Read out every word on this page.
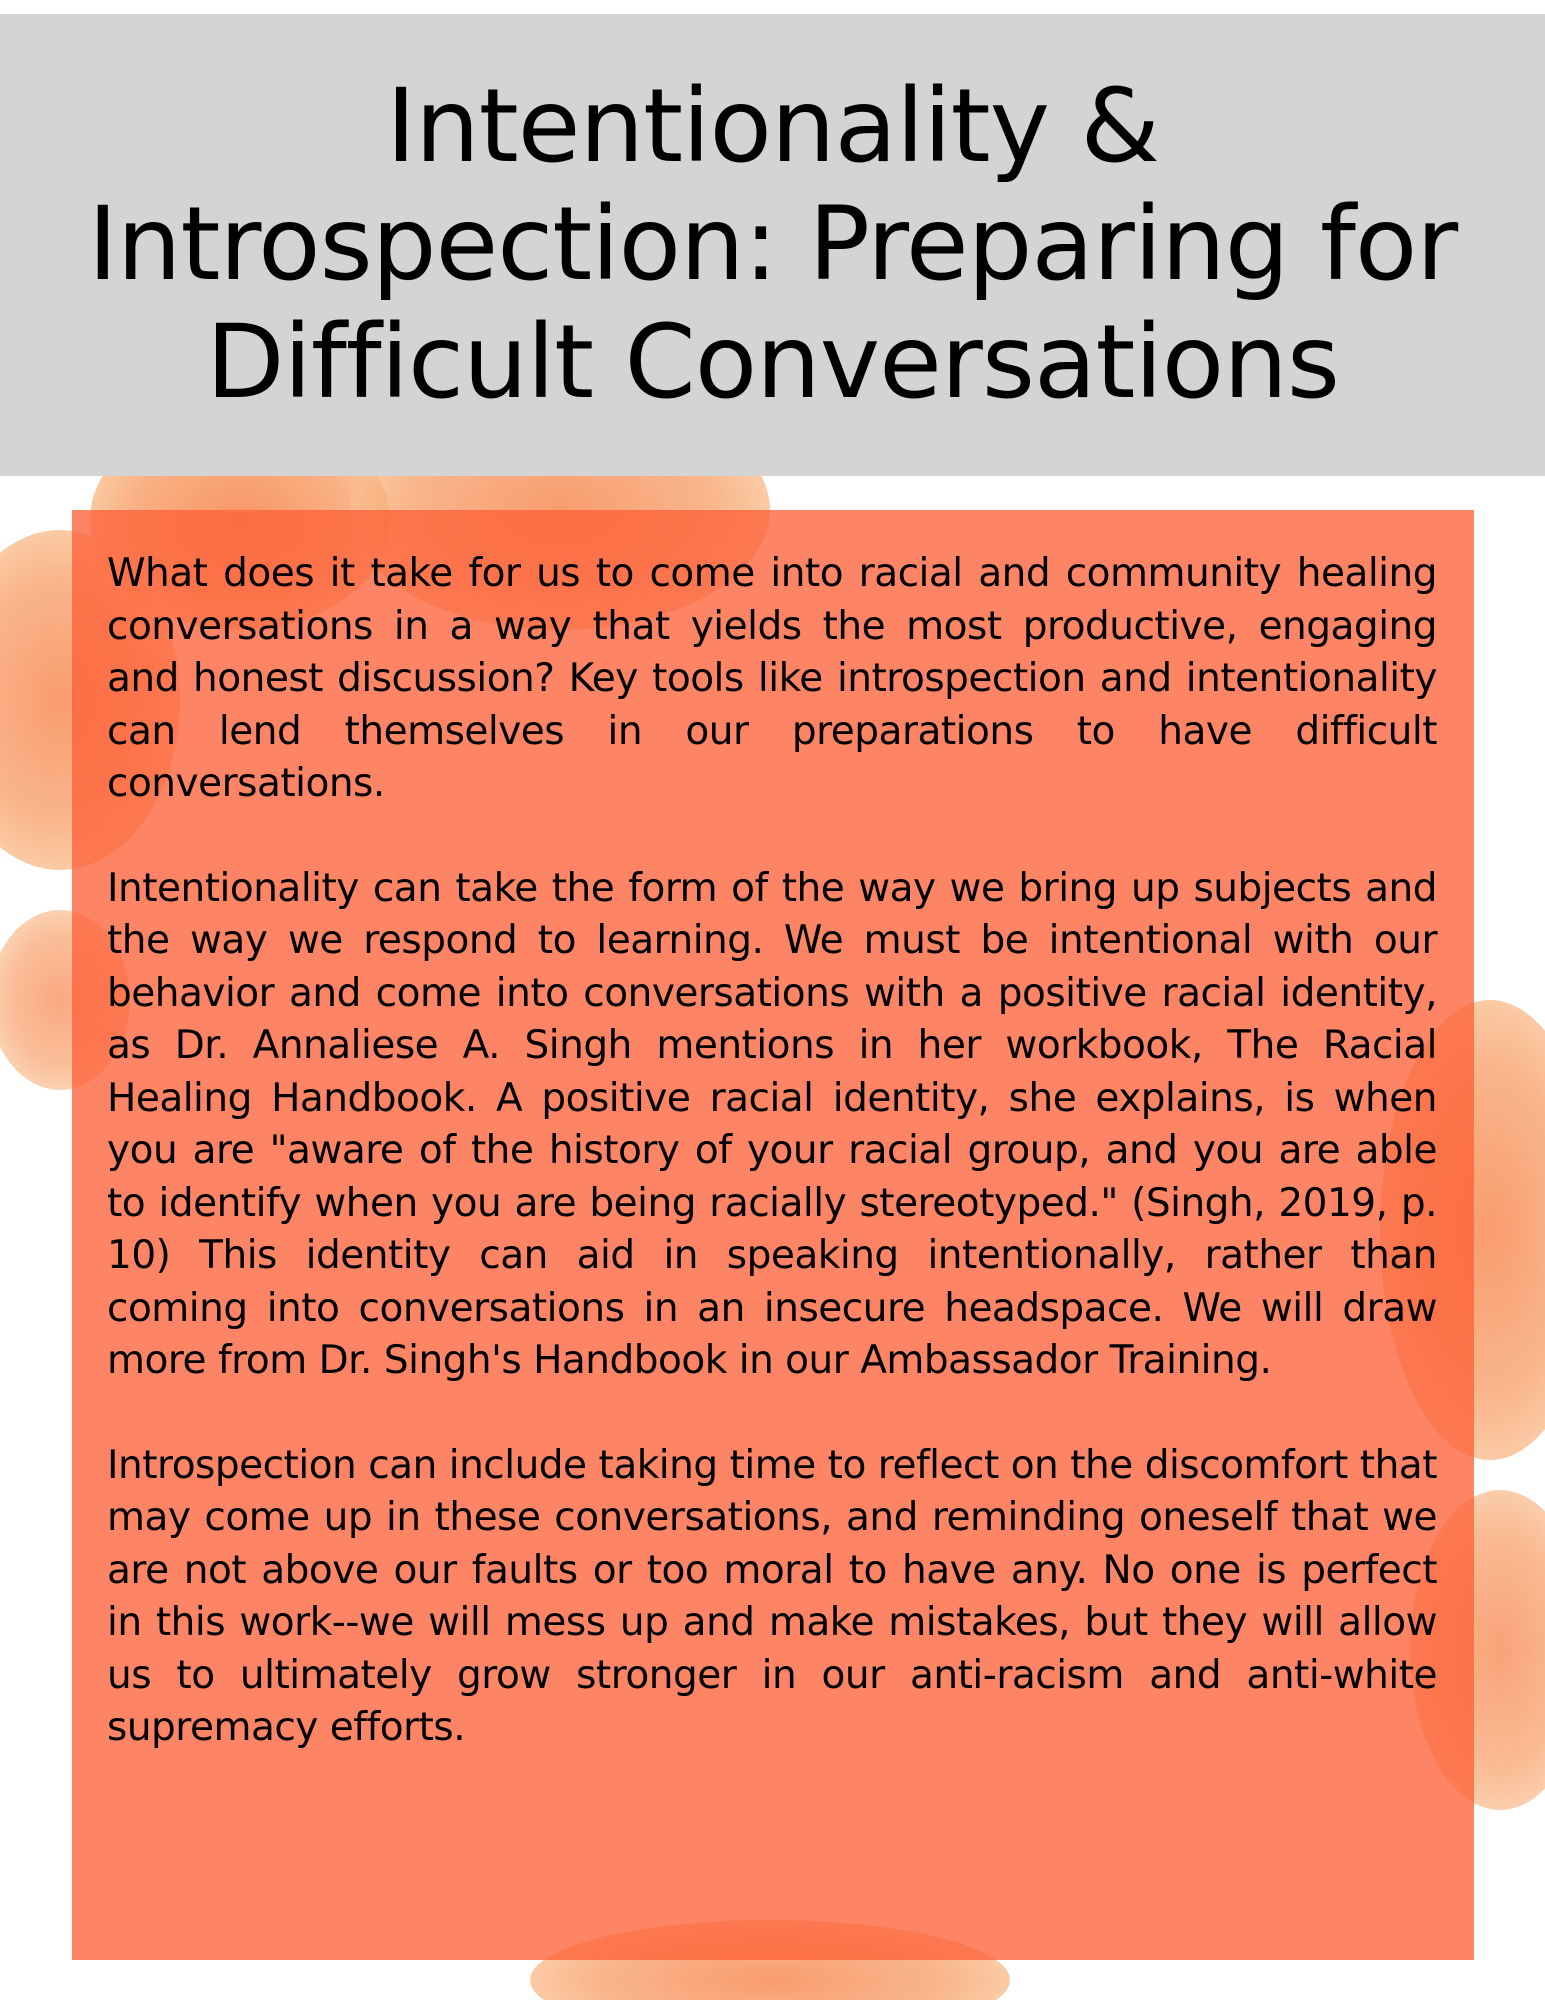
Intentionality &
Introspection: Preparing for
Difficult Conversations

What does it take for us to come into racial and community healing conversations in a way that yields the most productive, engaging and honest discussion? Key tools like introspection and intentionality can lend themselves in our preparations to have difficult conversations.

Intentionality can take the form of the way we bring up subjects and the way we respond to learning. We must be intentional with our behavior and come into conversations with a positive racial identity, as Dr. Annaliese A. Singh mentions in her workbook, The Racial Healing Handbook. A positive racial identity, she explains, is when you are "aware of the history of your racial group, and you are able to identify when you are being racially stereotyped." (Singh, 2019, p. 10) This identity can aid in speaking intentionally, rather than coming into conversations in an insecure headspace. We will draw more from Dr. Singh's Handbook in our Ambassador Training.

Introspection can include taking time to reflect on the discomfort that may come up in these conversations, and reminding oneself that we are not above our faults or too moral to have any. No one is perfect in this work--we will mess up and make mistakes, but they will allow us to ultimately grow stronger in our anti-racism and anti-white supremacy efforts.
